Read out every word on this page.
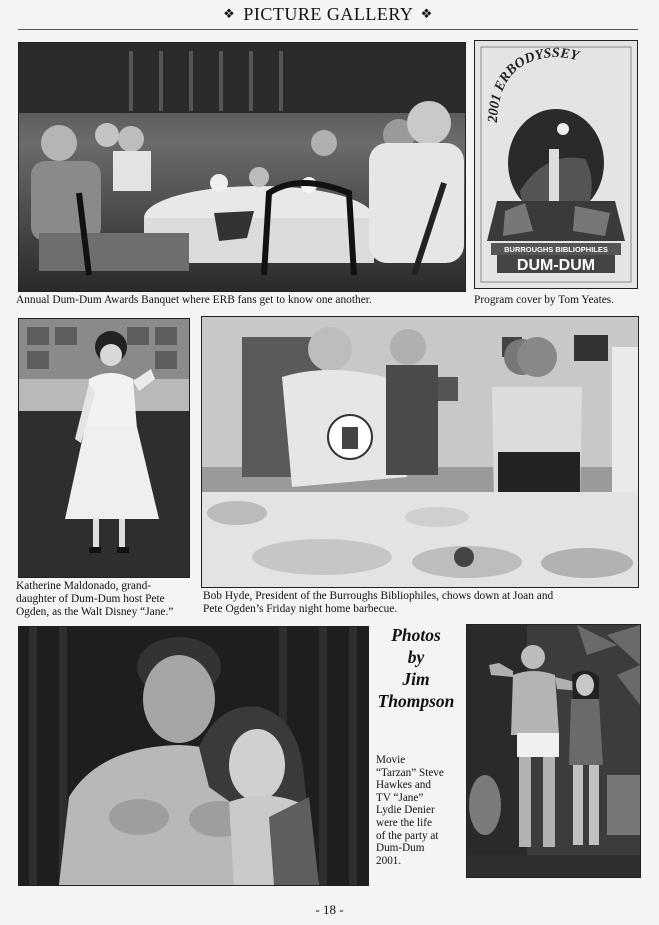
❖ PICTURE GALLERY ❖
Annual Dum-Dum Awards Banquet where ERB fans get to know one another.
2001 ERBODYSSEY
BURROUGHS BIBLIOPHILES
DUM-DUM
Program cover by Tom Yeates.
Katherine Maldonado, grand-
daughter of Dum-Dum host Pete
Ogden, as the Walt Disney “Jane.”
Bob Hyde, President of the Burroughs Bibliophiles, chows down at Joan and
Pete Ogden’s Friday night home barbecue.
Photos
by
Jim
Thompson
Movie
“Tarzan” Steve
Hawkes and
TV “Jane”
Lydie Denier
were the life
of the party at
Dum-Dum
2001.
- 18 -
